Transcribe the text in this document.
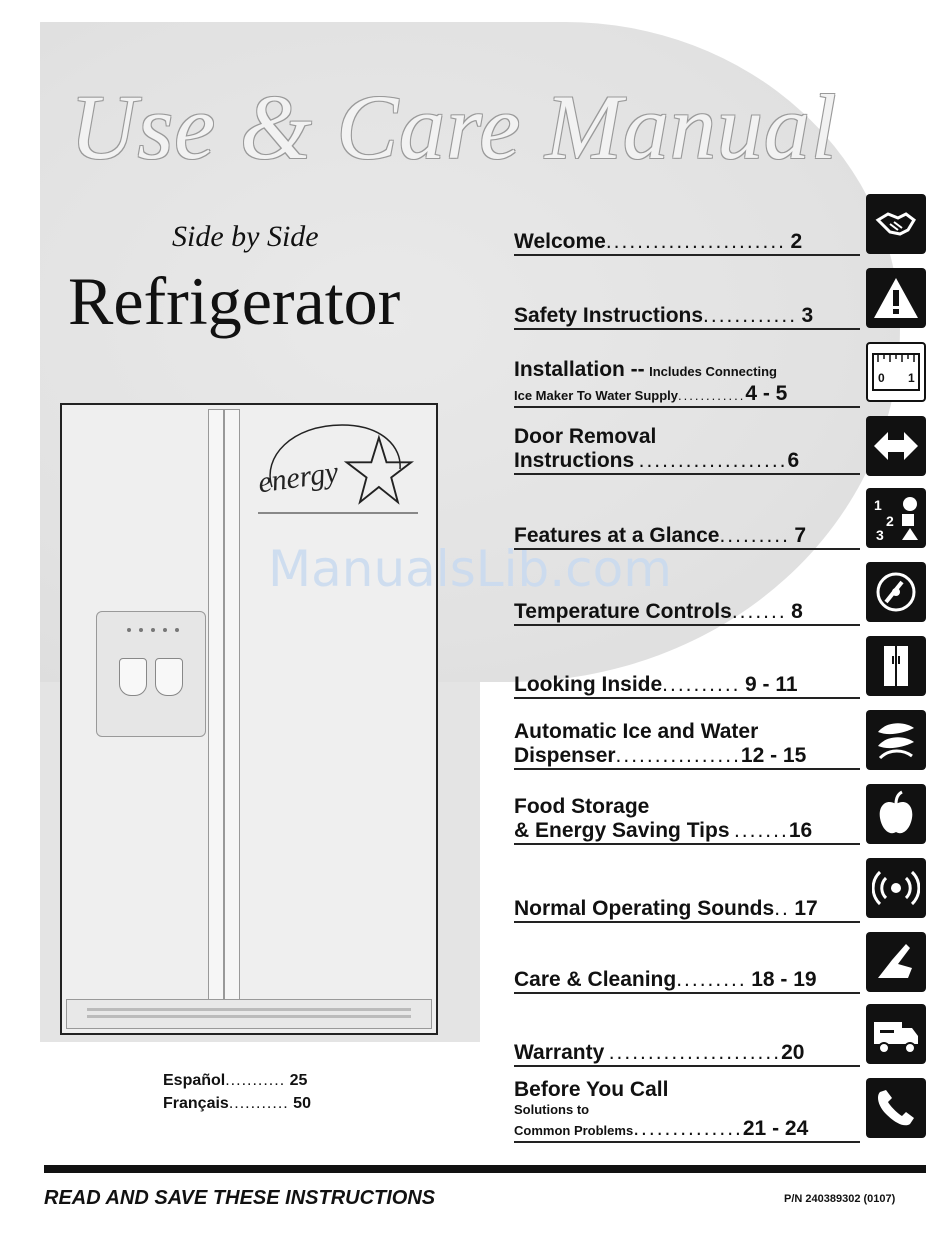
Use & Care Manual
Side by Side
Refrigerator
energy
ManualsLib.com
Español........... 25
Français........... 50
Welcome....................... 2
Safety Instructions............ 3
Installation -- Includes Connecting
Ice Maker To Water Supply............4 - 5
0 1
Door Removal
Instructions ...................6
Features at a Glance......... 7
1
2
3
Temperature Controls....... 8
Looking Inside.......... 9 - 11
Automatic Ice and Water
Dispenser................12 - 15
Food Storage
& Energy Saving Tips .......16
Normal Operating Sounds.. 17
Care & Cleaning......... 18 - 19
Warranty ......................20
Before You Call
Solutions to
Common Problems..............21 - 24
READ AND SAVE THESE INSTRUCTIONS	P/N 240389302 (0107)
